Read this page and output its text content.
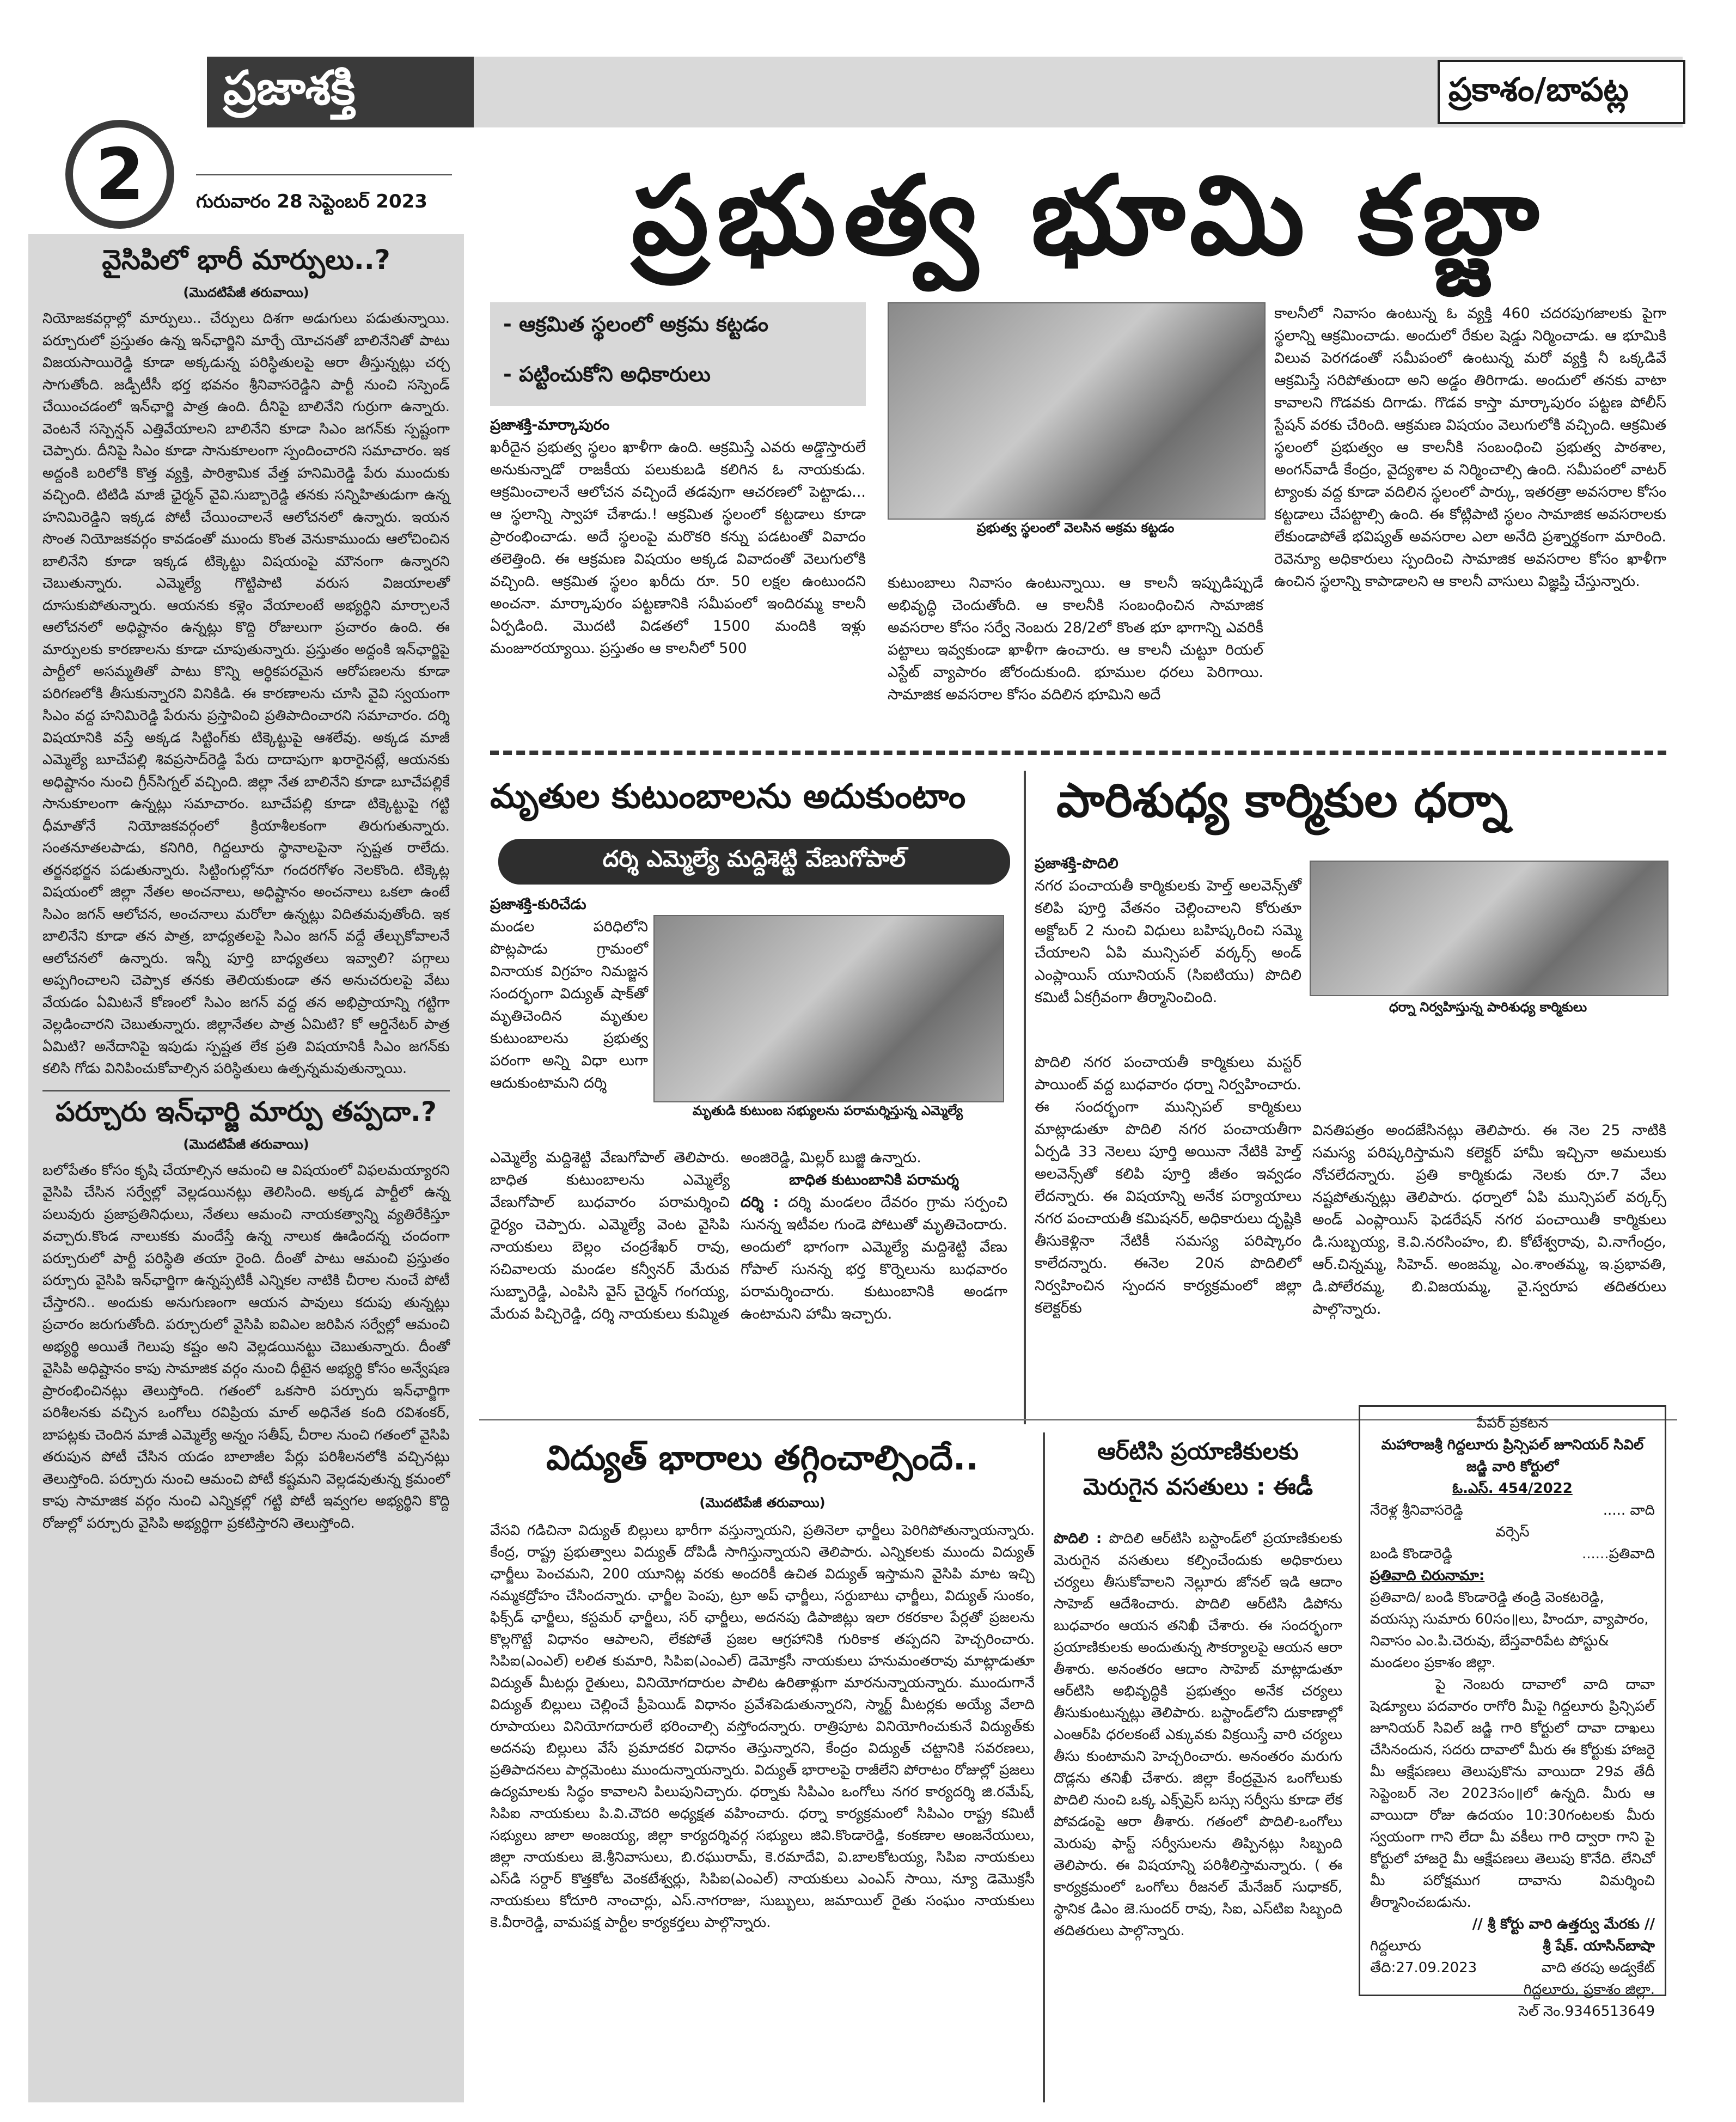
ప్రజాశక్తి	ప్రకాశం/బాపట్ల
2	గురువారం 28 సెప్టెంబర్ 2023	ప్రభుత్వ భూమి కబ్జా
వైసిపిలో భారీ మార్పులు..?
(మొదటిపేజీ తరువాయి)
నియోజకవర్గాల్లో మార్పులు.. చేర్పులు దిశగా అడుగులు పడుతున్నాయి. పర్చూరులో ప్రస్తుతం ఉన్న ఇన్‌ఛార్జిని మార్చే యోచనతో బాలినేనితో పాటు విజయసాయిరెడ్డి కూడా అక్కడున్న పరిస్థితులపై ఆరా తీస్తున్నట్లు చర్చ సాగుతోంది. జడ్పీటీసీ భర్త భవనం శ్రీనివాసరెడ్డిని పార్టీ నుంచి సస్పెండ్ చేయించడంలో ఇన్‌ఛార్జి పాత్ర ఉంది. దీనిపై బాలినేని గుర్రుగా ఉన్నారు. వెంటనే సస్పెన్షన్ ఎత్తివేయాలని బాలినేని కూడా సిఎం జగన్‌కు స్పష్టంగా చెప్పారు. దీనిపై సిఎం కూడా సానుకూలంగా స్పందించారని సమాచారం. ఇక అద్దంకి బరిలోకి కొత్త వ్యక్తి, పారిశ్రామిక వేత్త హనిమిరెడ్డి పేరు ముందుకు వచ్చింది. టిటిడి మాజీ ఛైర్మన్ వైవి.సుబ్బారెడ్డి తనకు సన్నిహితుడుగా ఉన్న హనిమిరెడ్డిని ఇక్కడ పోటీ చేయించాలనే ఆలోచనలో ఉన్నారు. ఇయన సొంత నియోజకవర్గం కావడంతో ముందు కొంత వెనుకాముందు ఆలోచించిన బాలినేని కూడా ఇక్కడ టిక్కెట్టు విషయంపై మౌనంగా ఉన్నారని చెబుతున్నారు. ఎమ్మెల్యే గొట్టిపాటి వరుస విజయాలతో దూసుకుపోతున్నారు. ఆయనకు కళ్లెం వేయాలంటే అభ్యర్థిని మార్చాలనే ఆలోచనలో అధిష్టానం ఉన్నట్లు కొద్ది రోజులుగా ప్రచారం ఉంది. ఈ మార్పులకు కారణాలను కూడా చూపుతున్నారు. ప్రస్తుతం అద్దంకి ఇన్‌ఛార్జిపై పార్టీలో అసమ్మతితో పాటు కొన్ని ఆర్థికపరమైన ఆరోపణలను కూడా పరిగణలోకి తీసుకున్నారని వినికిడి. ఈ కారణాలను చూసి వైవి స్వయంగా సిఎం వద్ద హనిమిరెడ్డి పేరును ప్రస్తావించి ప్రతిపాదించారని సమాచారం. దర్శి విషయానికి వస్తే అక్కడ సిట్టింగ్‌కు టిక్కెట్టుపై ఆశలేవు. అక్కడ మాజీ ఎమ్మెల్యే బూచేపల్లి శివప్రసాద్‌రెడ్డి పేరు దాదాపుగా ఖరారైనట్లే, ఆయనకు అధిష్టానం నుంచి గ్రీన్‌సిగ్నల్ వచ్చింది. జిల్లా నేత బాలినేని కూడా బూచేపల్లికే సానుకూలంగా ఉన్నట్లు సమాచారం. బూచేపల్లి కూడా టిక్కెట్టుపై గట్టి ధీమాతోనే నియోజకవర్గంలో క్రియాశీలకంగా తిరుగుతున్నారు. సంతనూతలపాడు, కనిగిరి, గిద్దలూరు స్థానాలపైనా స్పష్టత రాలేదు. తర్జనభర్జన పడుతున్నారు. సిట్టింగుల్లోనూ గందరగోళం నెలకొంది. టిక్కెట్ల విషయంలో జిల్లా నేతల అంచనాలు, అధిష్టానం అంచనాలు ఒకలా ఉంటే సిఎం జగన్ ఆలోచన, అంచనాలు మరోలా ఉన్నట్లు విదితమవుతోంది. ఇక బాలినేని కూడా తన పాత్ర, బాధ్యతలపై సిఎం జగన్ వద్దే తేల్చుకోవాలనే ఆలోచనలో ఉన్నారు. ఇన్నీ పూర్తి బాధ్యతలు ఇవ్వాలి? పగ్గాలు అప్పగించాలని చెప్పాక తనకు తెలియకుండా తన అనుచరులపై వేటు వేయడం ఏమిటనే కోణంలో సిఎం జగన్ వద్ద తన అభిప్రాయాన్ని గట్టిగా వెల్లడించారని చెబుతున్నారు. జిల్లానేతల పాత్ర ఏమిటి? కో ఆర్డినేటర్ పాత్ర ఏమిటి? అనేదానిపై ఇపుడు స్పష్టత లేక ప్రతి విషయానికీ సిఎం జగన్‌కు కలిసి గోడు వినిపించుకోవాల్సిన పరిస్థితులు ఉత్పన్నమవుతున్నాయి.
పర్చూరు ఇన్‌ఛార్జి మార్పు తప్పదా.?
(మొదటిపేజీ తరువాయి)
బలోపేతం కోసం కృషి చేయాల్సిన ఆమంచి ఆ విషయంలో విఫలమయ్యారని వైసిపి చేసిన సర్వేల్లో వెల్లడయినట్లు తెలిసింది. అక్కడ పార్టీలో ఉన్న పలువురు ప్రజాప్రతినిధులు, నేతలు ఆమంచి నాయకత్వాన్ని వ్యతిరేకిస్తూ వచ్చారు.కొండ నాలుకకు మందేస్తే ఉన్న నాలుక ఊడిందన్న చందంగా పర్చూరులో పార్టీ పరిస్థితి తయా రైంది. దీంతో పాటు ఆమంచి ప్రస్తుతం పర్చూరు వైసిపి ఇన్‌ఛార్జిగా ఉన్నప్పటికీ ఎన్నికల నాటికి చీరాల నుంచే పోటీ చేస్తారని.. అందుకు అనుగుణంగా ఆయన పావులు కదుపు తున్నట్లు ప్రచారం జరుగుతోంది. పర్చూరులో వైసిపి ఐవిఎల జరిపిన సర్వేల్లో ఆమంచి అభ్యర్థి అయితే గెలుపు కష్టం అని వెల్లడయినట్టు చెబుతున్నారు. దీంతో వైసిపి అధిష్టానం కాపు సామాజిక వర్గం నుంచి ధీటైన అభ్యర్థి కోసం అన్వేషణ ప్రారంభించినట్లు తెలుస్తోంది. గతంలో ఒకసారి పర్చూరు ఇన్‌ఛార్జిగా పరిశీలనకు వచ్చిన ఒంగోలు రవిప్రియ మాల్ అధినేత కంది రవిశంకర్, బాపట్లకు చెందిన మాజీ ఎమ్మెల్యే అన్నం సతీష్, చీరాల నుంచి గతంలో వైసిపి తరుపున పోటీ చేసిన యడం బాలాజీల పేర్లు పరిశీలనలోకి వచ్చినట్లు తెలుస్తోంది. పర్చూరు నుంచి ఆమంచి పోటీ కష్టమని వెల్లడవుతున్న క్రమంలో కాపు సామాజిక వర్గం నుంచి ఎన్నికల్లో గట్టి పోటీ ఇవ్వగల అభ్యర్థిని కొద్ది రోజుల్లో పర్చూరు వైసిపి అభ్యర్థిగా ప్రకటిస్తారని తెలుస్తోంది.
- ఆక్రమిత స్థలంలో అక్రమ కట్టడం
- పట్టించుకోని అధికారులు
ప్రజాశక్తి-మార్కాపురం
ఖరీదైన ప్రభుత్వ స్థలం ఖాళీగా ఉంది. ఆక్రమిస్తే ఎవరు అడ్డొస్తారులే అనుకున్నాడో రాజకీయ పలుకుబడి కలిగిన ఓ నాయకుడు. ఆక్రమించాలనే ఆలోచన వచ్చిందే తడవుగా ఆచరణలో పెట్టాడు... ఆ స్థలాన్ని స్వాహా చేశాడు.! ఆక్రమిత స్థలంలో కట్టడాలు కూడా ప్రారంభించాడు. అదే స్థలంపై మరొకరి కన్ను పడటంతో వివాదం తలెత్తింది. ఈ ఆక్రమణ విషయం అక్కడ వివాదంతో వెలుగులోకి వచ్చింది. ఆక్రమిత స్థలం ఖరీదు రూ. 50 లక్షల ఉంటుందని అంచనా. మార్కాపురం పట్టణానికి సమీపంలో ఇందిరమ్మ కాలనీ ఏర్పడింది. మొదటి విడతలో 1500 మందికి ఇళ్లు మంజూరయ్యాయి. ప్రస్తుతం ఆ కాలనీలో 500
ప్రభుత్వ స్థలంలో వెలసిన అక్రమ కట్టడం
కుటుంబాలు నివాసం ఉంటున్నాయి. ఆ కాలనీ ఇప్పుడిప్పుడే అభివృద్ధి చెందుతోంది. ఆ కాలనీకి సంబంధించిన సామాజిక అవసరాల కోసం సర్వే నెంబరు 28/2లో కొంత భూ భాగాన్ని ఎవరికీ పట్టాలు ఇవ్వకుండా ఖాళీగా ఉంచారు. ఆ కాలనీ చుట్టూ రియల్ ఎస్టేట్ వ్యాపారం జోరందుకుంది. భూముల ధరలు పెరిగాయి. సామాజిక అవసరాల కోసం వదిలిన భూమిని అదే
కాలనీలో నివాసం ఉంటున్న ఓ వ్యక్తి 460 చదరపుగజాలకు పైగా స్థలాన్ని ఆక్రమించాడు. అందులో రేకుల షెడ్డు నిర్మించాడు. ఆ భూమికి విలువ పెరగడంతో సమీపంలో ఉంటున్న మరో వ్యక్తి నీ ఒక్కడివే ఆక్రమిస్తే సరిపోతుందా అని అడ్డం తిరిగాడు. అందులో తనకు వాటా కావాలని గొడవకు దిగాడు. గొడవ కాస్తా మార్కాపురం పట్టణ పోలీస్ స్టేషన్ వరకు చేరింది. ఆక్రమణ విషయం వెలుగులోకి వచ్చింది. ఆక్రమిత స్థలంలో ప్రభుత్వం ఆ కాలనీకి సంబంధించి ప్రభుత్వ పాఠశాల, అంగన్‌వాడీ కేంద్రం, వైద్యశాల వ నిర్మించాల్సి ఉంది. సమీపంలో వాటర్ ట్యాంకు వద్ద కూడా వదిలిన స్థలంలో పార్కు, ఇతరత్రా అవసరాల కోసం కట్టడాలు చేపట్టాల్సి ఉంది. ఈ కోట్లిపాటి స్థలం సామాజిక అవసరాలకు లేకుండాపోతే భవిష్యత్ అవసరాల ఎలా అనేది ప్రశ్నార్థకంగా మారింది. రెవెన్యూ అధికారులు స్పందించి సామాజిక అవసరాల కోసం ఖాళీగా ఉంచిన స్థలాన్ని కాపాడాలని ఆ కాలనీ వాసులు విజ్ఞప్తి చేస్తున్నారు.
మృతుల కుటుంబాలను అదుకుంటాం
దర్శి ఎమ్మెల్యే మద్దిశెట్టి వేణుగోపాల్
ప్రజాశక్తి-కురిచేడు
మండల పరిధిలోని పొట్లపాడు గ్రామంలో వినాయక విగ్రహం నిమజ్జన సందర్భంగా విద్యుత్ షాక్‌తో మృతిచెందిన మృతుల కుటుంబాలను ప్రభుత్వ పరంగా అన్ని విధా లుగా ఆదుకుంటామని దర్శి
మృతుడి కుటుంబ సభ్యులను పరామర్శిస్తున్న ఎమ్మెల్యే
ఎమ్మెల్యే మద్దిశెట్టి వేణుగోపాల్ తెలిపారు. బాధిత కుటుంబాలను ఎమ్మెల్యే వేణుగోపాల్ బుధవారం పరామర్శించి ధైర్యం చెప్పారు. ఎమ్మెల్యే వెంట వైసిపి నాయకులు బెల్లం చంద్రశేఖర్ రావు, సచివాలయ మండల కన్వీనర్ మేరువ సుబ్బారెడ్డి, ఎంపిసి వైస్ చైర్మన్ గంగయ్య, మేరువ పిచ్చిరెడ్డి, దర్శి నాయకులు కుమ్మిత
అంజిరెడ్డి, మిల్లర్ బుజ్జి ఉన్నారు.
బాధిత కుటుంబానికి పరామర్శ
దర్శి : దర్శి మండలం దేవరం గ్రామ సర్పంచి సునన్న ఇటీవల గుండె పోటుతో మృతిచెందారు. అందులో భాగంగా ఎమ్మెల్యే మద్దిశెట్టి వేణు గోపాల్ సునన్న భర్త కొర్నెలును బుధవారం పరామర్శించారు. కుటుంబానికి అండగా ఉంటామని హామీ ఇచ్చారు.
పారిశుధ్య కార్మికుల ధర్నా
ప్రజాశక్తి-పొదిలి
నగర పంచాయతీ కార్మికులకు హెల్త్ అలవెన్స్‌తో కలిపి పూర్తి వేతనం చెల్లించాలని కోరుతూ అక్టోబర్ 2 నుంచి విధులు బహిష్కరించి సమ్మె చేయాలని ఏపి మున్సిపల్ వర్కర్స్ అండ్ ఎంప్లాయిస్ యూనియన్ (సిఐటియు) పొదిలి కమిటీ ఏకగ్రీవంగా తీర్మానించింది.
ధర్నా నిర్వహిస్తున్న పారిశుధ్య కార్మికులు
పొదిలి నగర పంచాయతీ కార్మికులు మస్టర్ పాయింట్ వద్ద బుధవారం ధర్నా నిర్వహించారు. ఈ సందర్భంగా మున్సిపల్ కార్మికులు మాట్లాడుతూ పొదిలి నగర పంచాయతీగా ఏర్పడి 33 నెలలు పూర్తి అయినా నేటికి హెల్త్ అలవెన్స్‌తో కలిపి పూర్తి జీతం ఇవ్వడం లేదన్నారు. ఈ విషయాన్ని అనేక పర్యాయాలు నగర పంచాయతీ కమిషనర్, అధికారులు దృష్టికి తీసుకెళ్లినా నేటికీ సమస్య పరిష్కారం కాలేదన్నారు. ఈనెల 20న పొదిలిలో నిర్వహించిన స్పందన కార్యక్రమంలో జిల్లా కలెక్టర్‌కు
వినతిపత్రం అందజేసినట్లు తెలిపారు. ఈ నెల 25 నాటికి సమస్య పరిష్కరిస్తామని కలెక్టర్ హామీ ఇచ్చినా అమలుకు నోచలేదన్నారు. ప్రతి కార్మికుడు నెలకు రూ.7 వేలు నష్టపోతున్నట్లు తెలిపారు. ధర్నాలో ఏపి మున్సిపల్ వర్కర్స్ అండ్ ఎంప్లాయిస్ ఫెడరేషన్ నగర పంచాయితీ కార్మికులు డి.సుబ్బయ్య, కె.వి.నరసింహం, బి. కోటేశ్వరావు, వి.నాగేంద్రం, ఆర్.చిన్నమ్మ, సిహెచ్. అంజమ్మ, ఎం.శాంతమ్మ, ఇ.ప్రభావతి, డి.పోలేరమ్మ, బి.విజయమ్మ, వై.స్వరూప తదితరులు పాల్గొన్నారు.
విద్యుత్ భారాలు తగ్గించాల్సిందే..
(మొదటిపేజీ తరువాయి)
వేసవి గడిచినా విద్యుత్ బిల్లులు భారీగా వస్తున్నాయని, ప్రతినెలా ఛార్జీలు పెరిగిపోతున్నాయన్నారు. కేంద్ర, రాష్ట్ర ప్రభుత్వాలు విద్యుత్ దోపిడీ సాగిస్తున్నాయని తెలిపారు. ఎన్నికలకు ముందు విద్యుత్ ఛార్జీలు పెంచమని, 200 యూనిట్ల వరకు అందరికీ ఉచిత విద్యుత్ ఇస్తామని వైసిపి మాట ఇచ్చి నమ్మకద్రోహం చేసిందన్నారు. ఛార్జీల పెంపు, ట్రూ అప్ ఛార్జీలు, సర్దుబాటు ఛార్జీలు, విద్యుత్ సుంకం, ఫిక్స్‌డ్ ఛార్జీలు, కస్టమర్ ఛార్జీలు, సర్ ఛార్జీలు, అదనపు డిపాజిట్లు ఇలా రకరకాల పేర్లతో ప్రజలను కొల్లగొట్టే విధానం ఆపాలని, లేకపోతే ప్రజల ఆగ్రహానికి గురికాక తప్పదని హెచ్చరించారు. సిపిఐ(ఎంఎల్) లలిత కుమారి, సిపిఐ(ఎంఎల్) డెమోక్రసీ నాయకులు హనుమంతరావు మాట్లాడుతూ విద్యుత్ మీటర్లు రైతులు, వినియోగదారుల పాలిట ఉరితాళ్లుగా మారనున్నాయన్నారు. ముందుగానే విద్యుత్ బిల్లులు చెల్లించే ప్రీపెయిడ్ విధానం ప్రవేశపెడుతున్నారని, స్మార్ట్ మీటర్లకు అయ్యే వేలాది రూపాయలు వినియోగదారులే భరించాల్సి వస్తోందన్నారు. రాత్రిపూట వినియోగించుకునే విద్యుత్‌కు అదనపు బిల్లులు వేసే ప్రమాదకర విధానం తెస్తున్నారని, కేంద్రం విద్యుత్ చట్టానికి సవరణలు, ప్రతిపాదనలు పార్లమెంటు ముందున్నాయన్నారు. విద్యుత్ భారాలపై రాజీలేని పోరాటం రోజుల్లో ప్రజలు ఉద్యమాలకు సిద్ధం కావాలని పిలుపునిచ్చారు. ధర్నాకు సిపిఎం ఒంగోలు నగర కార్యదర్శి జి.రమేష్, సిపిఐ నాయకులు పి.వి.చౌదరి అధ్యక్షత వహించారు. ధర్నా కార్యక్రమంలో సిపిఎం రాష్ట్ర కమిటీ సభ్యులు జాలా అంజయ్య, జిల్లా కార్యదర్శివర్గ సభ్యులు జివి.కొండారెడ్డి, కంకణాల ఆంజనేయులు, జిల్లా నాయకులు జె.శ్రీనివాసులు, బి.రఘురామ్, కె.రమాదేవి, వి.బాలకోటయ్య, సిపిఐ నాయకులు ఎస్‌డి సర్దార్ కొత్తకోట వెంకటేశ్వర్లు, సిపిఐ(ఎంఎల్) నాయకులు ఎంఎస్ సాయి, న్యూ డెమొక్రసీ నాయకులు కోదూరి నాంచార్లు, ఎస్.నాగరాజు, సుబ్బులు, జమాయిల్ రైతు సంఘం నాయకులు కె.వీరారెడ్డి, వామపక్ష పార్టీల కార్యకర్తలు పాల్గొన్నారు.
ఆర్‌టిసి ప్రయాణికులకు
మెరుగైన వసతులు : ఈడీ
పొదిలి : పొదిలి ఆర్‌టిసి బస్టాండ్‌లో ప్రయాణికులకు మెరుగైన వసతులు కల్పించేందుకు అధికారులు చర్యలు తీసుకోవాలని నెల్లూరు జోనల్ ఇడి ఆదాం సాహెబ్ ఆదేశించారు. పొదిలి ఆర్‌టిసి డిపోను బుధవారం ఆయన తనిఖీ చేశారు. ఈ సందర్భంగా ప్రయాణికులకు అందుతున్న సౌకర్యాలపై ఆయన ఆరా తీశారు. అనంతరం ఆదాం సాహెబ్ మాట్లాడుతూ ఆర్‌టిసి అభివృద్ధికి ప్రభుత్వం అనేక చర్యలు తీసుకుంటున్నట్లు తెలిపారు. బస్టాండ్‌లోని దుకాణాల్లో ఎంఆర్‌పి ధరలకంటే ఎక్కువకు విక్రయిస్తే వారి చర్యలు తీసు కుంటామని హెచ్చరించారు. అనంతరం మరుగు దొడ్లను తనిఖీ చేశారు. జిల్లా కేంద్రమైన ఒంగోలుకు పొదిలి నుంచి ఒక్క ఎక్స్‌ప్రెస్ బస్సు సర్వీసు కూడా లేక పోవడంపై ఆరా తీశారు. గతంలో పొదిలి-ఒంగోలు మెరుపు ఫాస్ట్ సర్వీసులను తిప్పినట్లు సిబ్బంది తెలిపారు. ఈ విషయాన్ని పరిశీలిస్తామన్నారు. ( ఈ కార్యక్రమంలో ఒంగోలు రీజనల్ మేనేజర్ సుధాకర్, స్థానిక డిఎం జె.సుందర్ రావు, సిఐ, ఎస్‌టిఐ సిబ్బంది తదితరులు పాల్గొన్నారు.
పేపర్ ప్రకటన
మహారాజశ్రీ గిద్దలూరు ప్రిన్సిపల్ జూనియర్ సివిల్ జడ్జి వారి కోర్టులో
ఓ.ఎస్. 454/2022
నేరెళ్ల శ్రీనివాసరెడ్డి	..... వాది
వర్సెస్
బండి కొండారెడ్డి	......ప్రతివాది
ప్రతివాది చిరునామా:
ప్రతివాది/ బండి కొండారెడ్డి తండ్రి వెంకటరెడ్డి, వయస్సు సుమారు 60సం॥లు, హిందూ, వ్యాపారం, నివాసం ఎం.పి.చెరువు, బేస్తవారిపేట పోస్టు& మండలం ప్రకాశం జిల్లా.
పై నెంబరు దావాలో వాది దావా షెడ్యూలు పదవారం రాగోరి మీపై గిద్దలూరు ప్రిన్సిపల్ జూనియర్ సివిల్ జడ్జి గారి కోర్టులో దావా దాఖలు చేసినందున, సదరు దావాలో మీరు ఈ కోర్టుకు హాజరై మీ ఆక్షేపణలు తెలుపుకొను వాయిదా 29వ తేదీ సెప్టెంబర్ నెల 2023సం॥లో ఉన్నది. మీరు ఆ వాయిదా రోజు ఉదయం 10:30గంటలకు మీరు స్వయంగా గాని లేదా మీ వకీలు గారి ద్వారా గాని పై కోర్టులో హాజరై మీ ఆక్షేపణలు తెలుపు కొనేది. లేనిచో మీ పరోక్షముగ దావాను విమర్శించి తీర్మానించబడును.
// శ్రీ కోర్టు వారి ఉత్తర్వు మేరకు //
గిద్దలూరు	శ్రీ షేక్. యాసిన్‌బాషా
తేది:27.09.2023	వాది తరపు అడ్వకేట్
గిద్దలూరు, ప్రకాశం జిల్లా.
సెల్ నెం.9346513649
